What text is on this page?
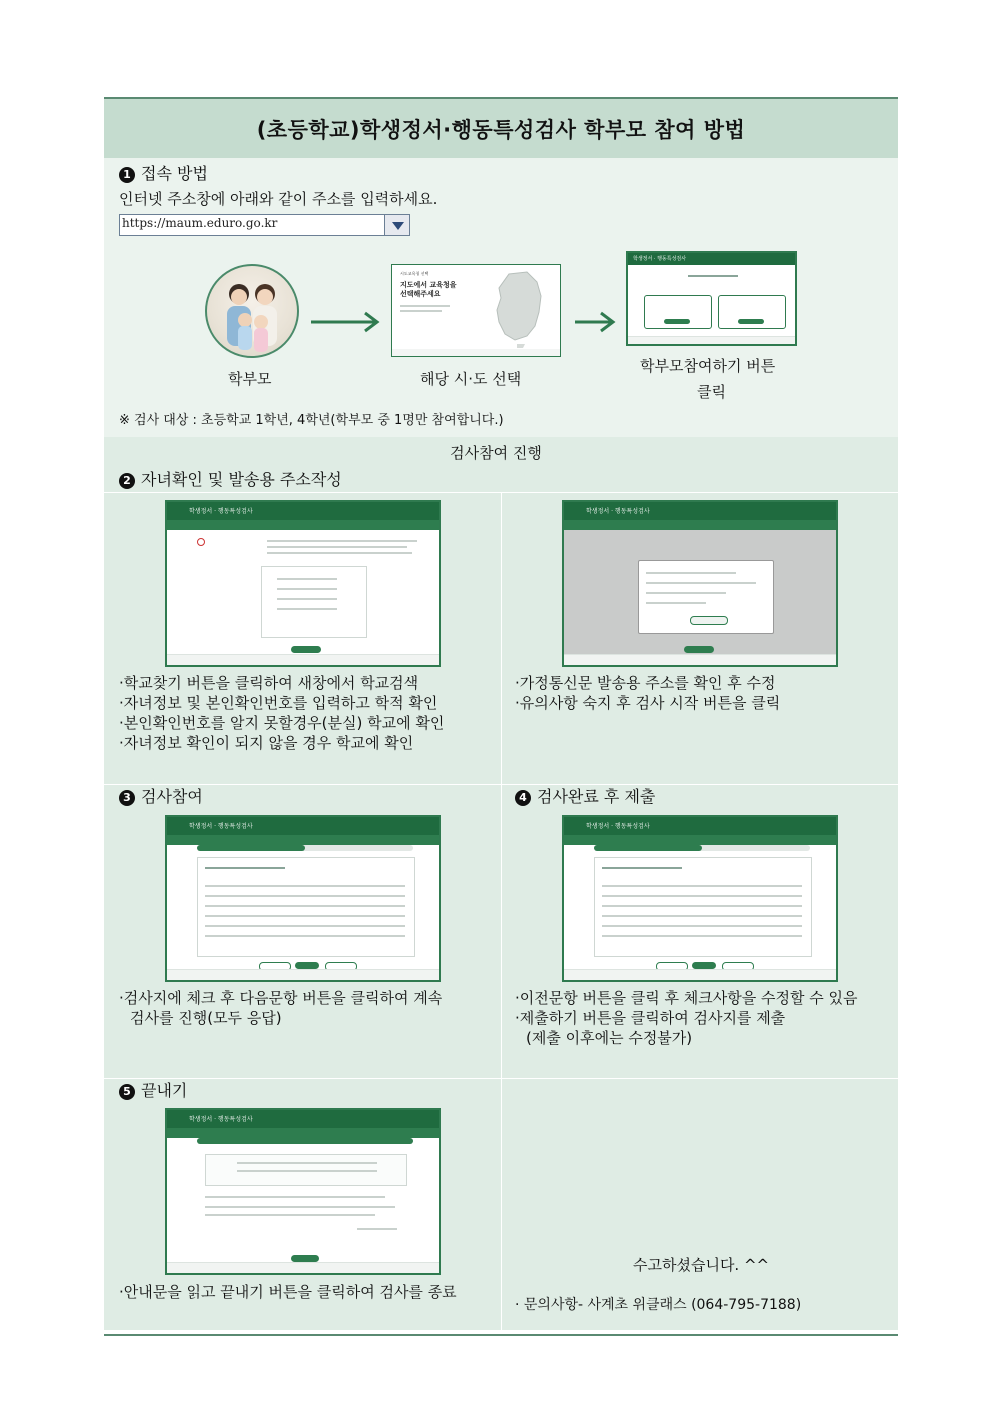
(초등학교)학생정서·행동특성검사 학부모 참여 방법
1 접속 방법
인터넷 주소창에 아래와 같이 주소를 입력하세요.
https://maum.eduro.go.kr
학부모
시도교육청 선택
지도에서 교육청을
선택해주세요
해당 시·도 선택
학생정서 · 행동특성검사
학부모참여하기 버튼
클릭
※ 검사 대상 : 초등학교 1학년, 4학년(학부모 중 1명만 참여합니다.)
검사참여 진행
2 자녀확인 및 발송용 주소작성
학생정서 · 행동특성검사	학생정서 · 행동특성검사
·학교찾기 버튼을 클릭하여 새창에서 학교검색
·자녀정보 및 본인확인번호를 입력하고 학적 확인
·본인확인번호를 알지 못할경우(분실) 학교에 확인
·자녀정보 확인이 되지 않을 경우 학교에 확인
·가정통신문 발송용 주소를 확인 후 수정
·유의사항 숙지 후 검사 시작 버튼을 클릭
3 검사참여
학생정서 · 행동특성검사
·검사지에 체크 후 다음문항 버튼을 클릭하여 계속
검사를 진행(모두 응답)
4 검사완료 후 제출
학생정서 · 행동특성검사
·이전문항 버튼을 클릭 후 체크사항을 수정할 수 있음
·제출하기 버튼을 클릭하여 검사지를 제출
(제출 이후에는 수정불가)
5 끝내기
학생정서 · 행동특성검사
·안내문을 읽고 끝내기 버튼을 클릭하여 검사를 종료
수고하셨습니다. ^^
· 문의사항- 사계초 위클래스 (064-795-7188)
